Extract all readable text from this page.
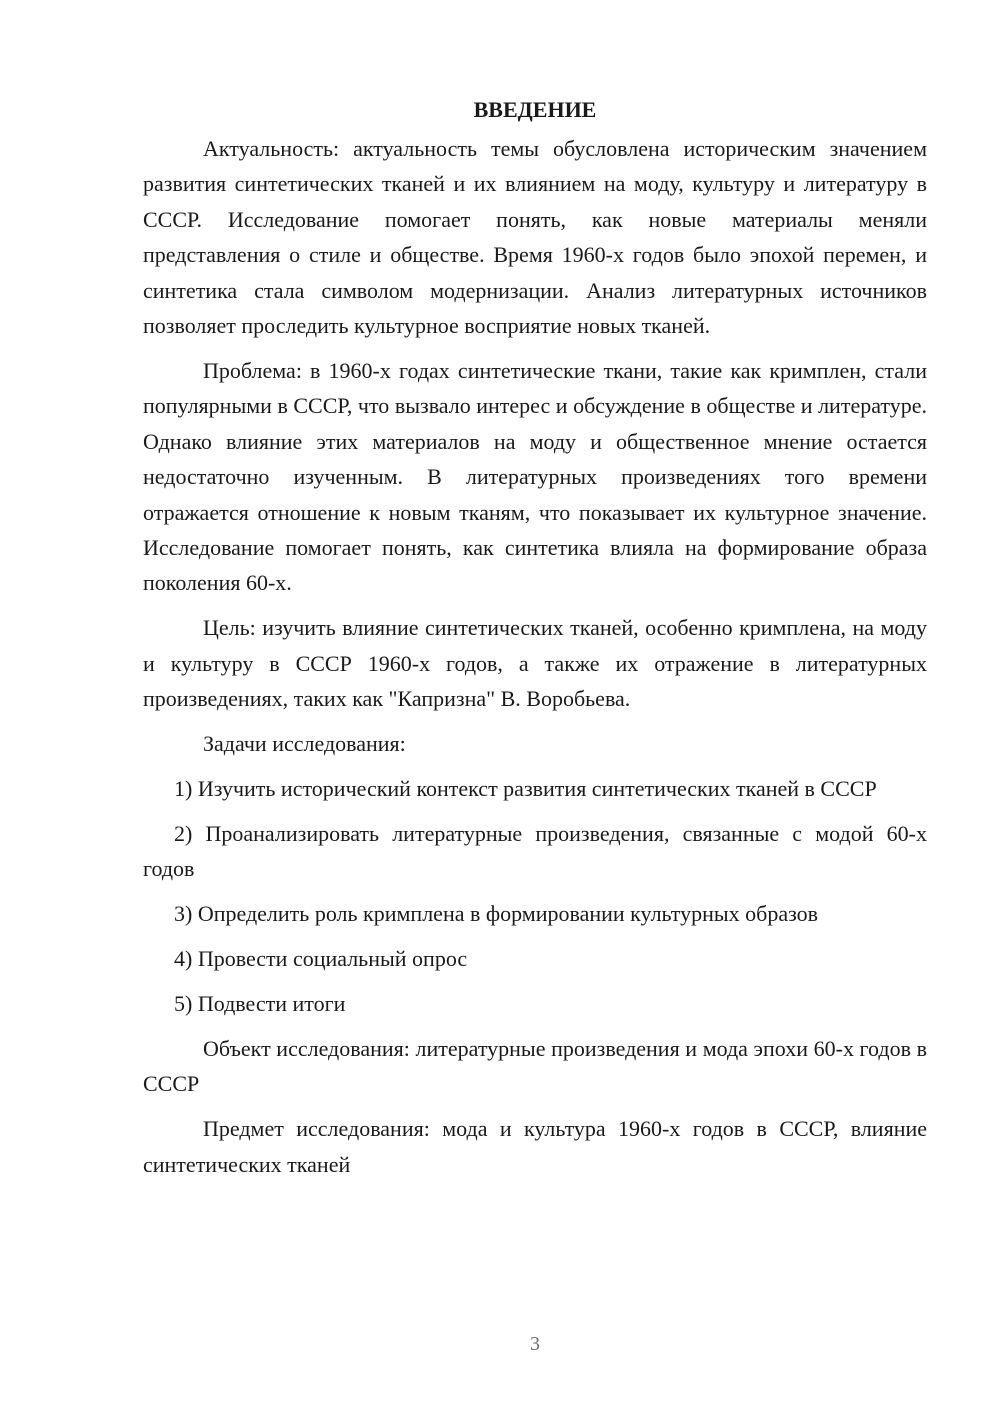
ВВЕДЕНИЕ

Актуальность: актуальность темы обусловлена историческим значением развития синтетических тканей и их влиянием на моду, культуру и литературу в СССР. Исследование помогает понять, как новые материалы меняли представления о стиле и обществе. Время 1960-х годов было эпохой перемен, и синтетика стала символом модернизации. Анализ литературных источников позволяет проследить культурное восприятие новых тканей.

Проблема: в 1960-х годах синтетические ткани, такие как кримплен, стали популярными в СССР, что вызвало интерес и обсуждение в обществе и литературе. Однако влияние этих материалов на моду и общественное мнение остается недостаточно изученным. В литературных произведениях того времени отражается отношение к новым тканям, что показывает их культурное значение. Исследование помогает понять, как синтетика влияла на формирование образа поколения 60-х.

Цель: изучить влияние синтетических тканей, особенно кримплена, на моду и культуру в СССР 1960-х годов, а также их отражение в литературных произведениях, таких как "Капризна" В. Воробьева.

Задачи исследования:

1) Изучить исторический контекст развития синтетических тканей в СССР

2) Проанализировать литературные произведения, связанные с модой 60-х годов

3) Определить роль кримплена в формировании культурных образов

4) Провести социальный опрос

5) Подвести итоги

Объект исследования: литературные произведения и мода эпохи 60-х годов в СССР

Предмет исследования: мода и культура 1960-х годов в СССР, влияние синтетических тканей

3
